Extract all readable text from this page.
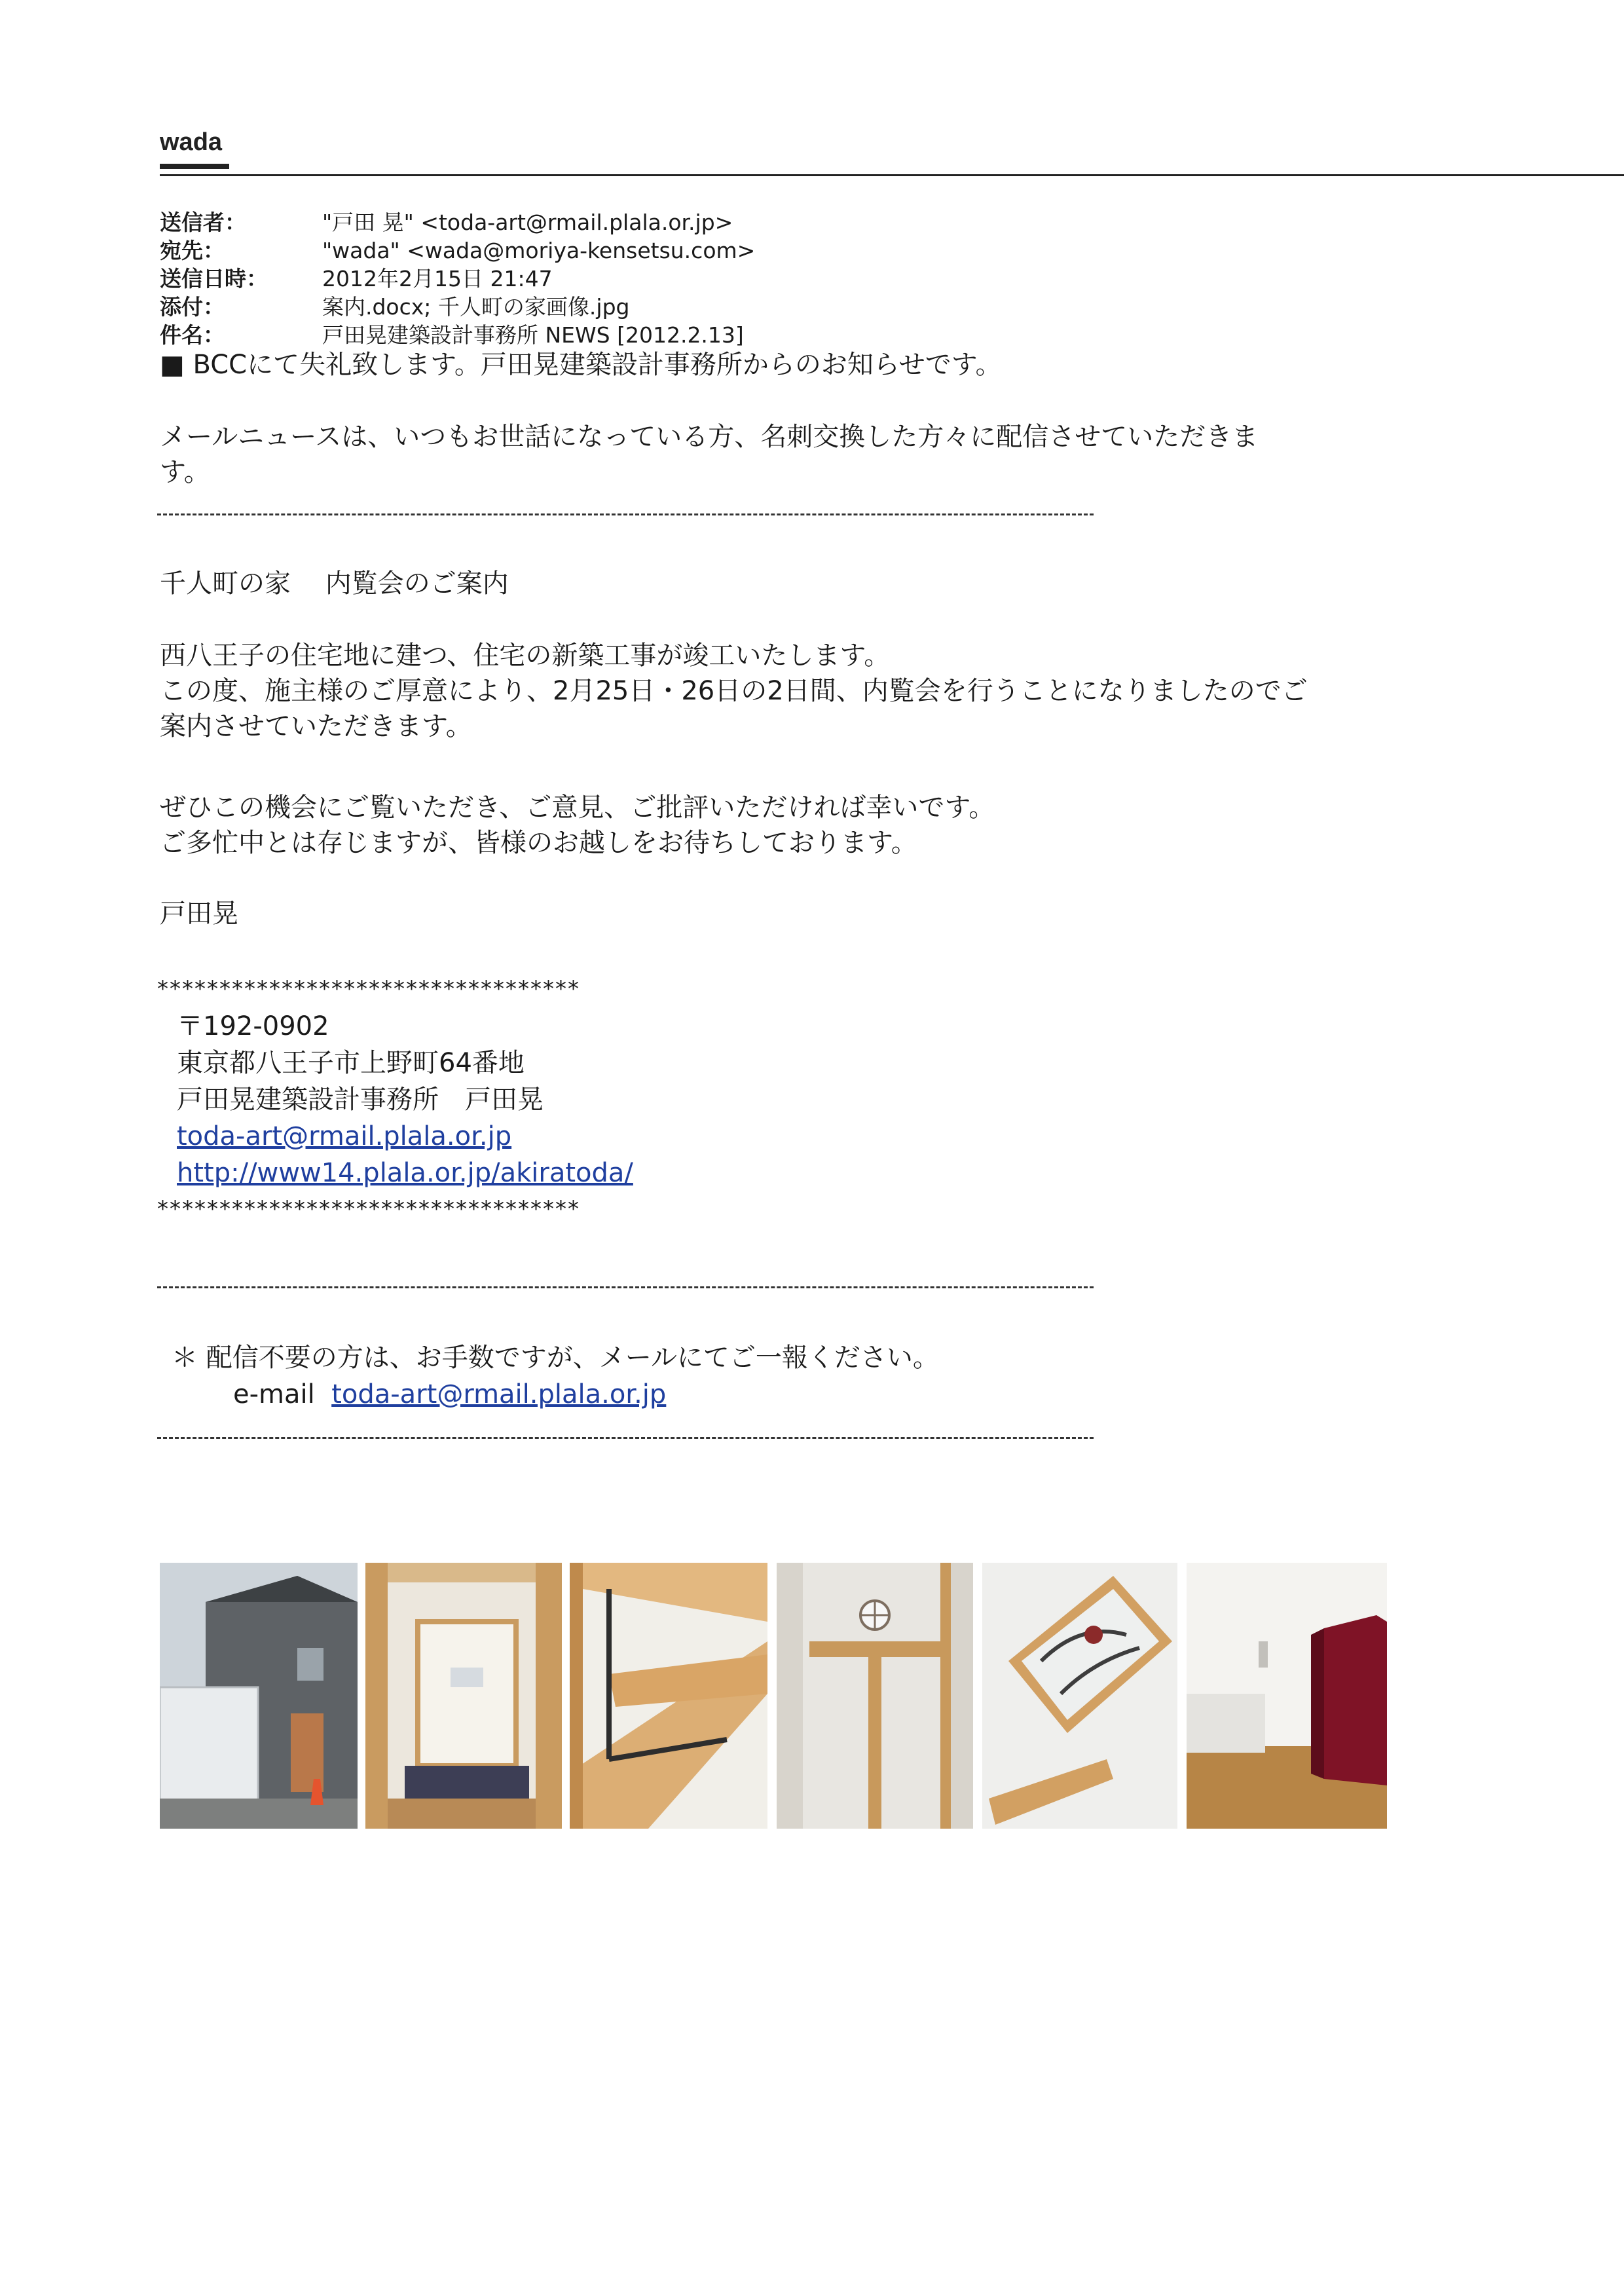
wada
送信者：	"戸田 晃" <toda-art@rmail.plala.or.jp>
宛先：	"wada" <wada@moriya-kensetsu.com>
送信日時：	2012年2月15日 21:47
添付：	案内.docx; 千人町の家画像.jpg
件名：	戸田晃建築設計事務所 NEWS [2012.2.13]
■ BCCにて失礼致します。戸田晃建築設計事務所からのお知らせです。
メールニュースは、いつもお世話になっている方、名刺交換した方々に配信させていただきま
す。
千人町の家　 内覧会のご案内
西八王子の住宅地に建つ、住宅の新築工事が竣工いたします。
この度、施主様のご厚意により、2月25日・26日の2日間、内覧会を行うことになりましたのでご
案内させていただきます。
ぜひこの機会にご覧いただき、ご意見、ご批評いただければ幸いです。
ご多忙中とは存じますが、皆様のお越しをお待ちしております。
戸田晃
**********************************
〒192-0902
東京都八王子市上野町64番地
戸田晃建築設計事務所　戸田晃
toda-art@rmail.plala.or.jp
http://www14.plala.or.jp/akiratoda/
**********************************
＊ 配信不要の方は、お手数ですが、メールにてご一報ください。
e-mail toda-art@rmail.plala.or.jp
